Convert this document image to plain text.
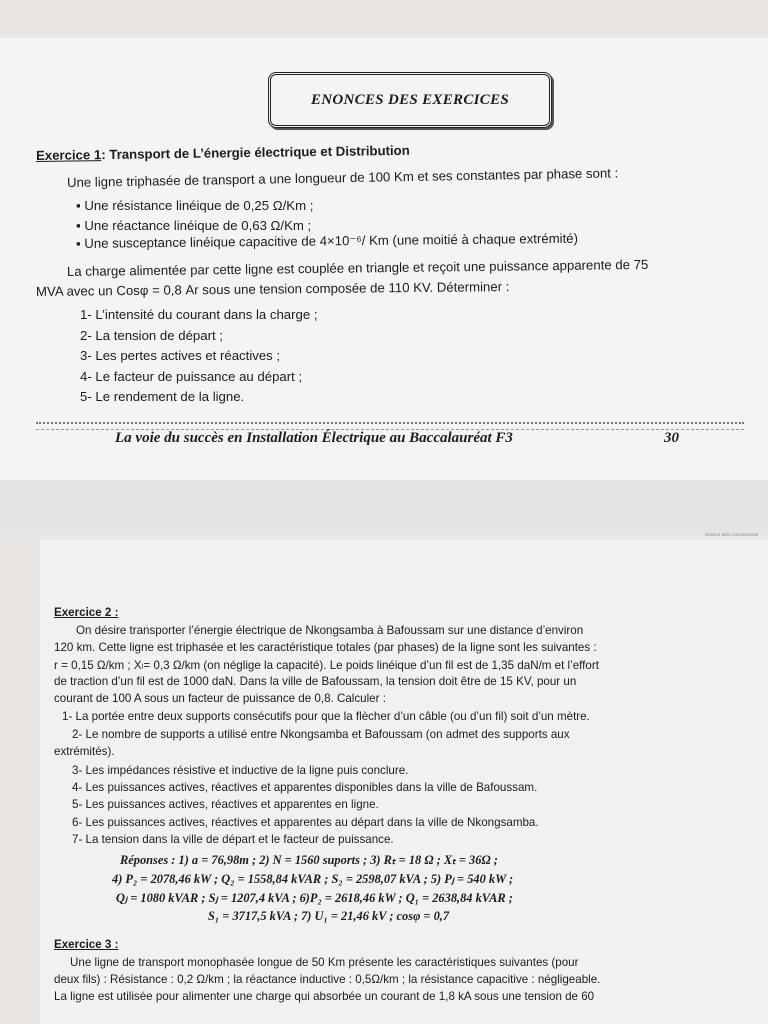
ENONCES DES EXERCICES
Exercice 1: Transport de L’énergie électrique et Distribution
Une ligne triphasée de transport a une longueur de 100 Km et ses constantes par phase sont :
▪ Une résistance linéique de 0,25 Ω/Km ;
▪ Une réactance linéique de 0,63 Ω/Km ;
▪ Une susceptance linéique capacitive de 4×10⁻⁶/ Km (une moitié à chaque extrémité)
La charge alimentée par cette ligne est couplée en triangle et reçoit une puissance apparente de 75
MVA avec un Cosφ = 0,8 Ar sous une tension composée de 110 KV. Déterminer :
1- L’intensité du courant dans la charge ;
2- La tension de départ ;
3- Les pertes actives et réactives ;
4- Le facteur de puissance au départ ;
5- Le rendement de la ligne.
La voie du succès en Installation Électrique au Baccalauréat F3	30
Scanné avec CamScanner
Exercice 2 :
On désire transporter l’énergie électrique de Nkongsamba à Bafoussam sur une distance d’environ
120 km. Cette ligne est triphasée et les caractéristique totales (par phases) de la ligne sont les suivantes :
r = 0,15 Ω/km ; Xₗ= 0,3 Ω/km (on néglige la capacité). Le poids linéique d’un fil est de 1,35 daN/m et l’effort
de traction d’un fil est de 1000 daN. Dans la ville de Bafoussam, la tension doit être de 15 KV, pour un
courant de 100 A sous un facteur de puissance de 0,8. Calculer :
1- La portée entre deux supports consécutifs pour que la flècher d’un câble (ou d’un fil) soit d’un mètre.
2- Le nombre de supports a utilisé entre Nkongsamba et Bafoussam (on admet des supports aux
extrémités).
3- Les impédances résistive et inductive de la ligne puis conclure.
4- Les puissances actives, réactives et apparentes disponibles dans la ville de Bafoussam.
5- Les puissances actives, réactives et apparentes en ligne.
6- Les puissances actives, réactives et apparentes au départ dans la ville de Nkongsamba.
7- La tension dans la ville de départ et le facteur de puissance.
Réponses : 1) a = 76,98m ; 2) N = 1560 suports ; 3) Rₜ = 18 Ω ; Xₜ = 36Ω ;
4) P₂ = 2078,46 kW ; Q₂ = 1558,84 kVAR ; S₂ = 2598,07 kVA ; 5) Pⱼ = 540 kW ;
Qⱼ = 1080 kVAR ; Sⱼ = 1207,4 kVA ; 6)P₂ = 2618,46 kW ; Q₁ = 2638,84 kVAR ;
S₁ = 3717,5 kVA ; 7) U₁ = 21,46 kV ; cosφ = 0,7
Exercice 3 :
Une ligne de transport monophasée longue de 50 Km présente les caractéristiques suivantes (pour
deux fils) : Résistance : 0,2 Ω/km ; la réactance inductive : 0,5Ω/km ; la résistance capacitive : négligeable.
La ligne est utilisée pour alimenter une charge qui absorbée un courant de 1,8 kA sous une tension de 60
